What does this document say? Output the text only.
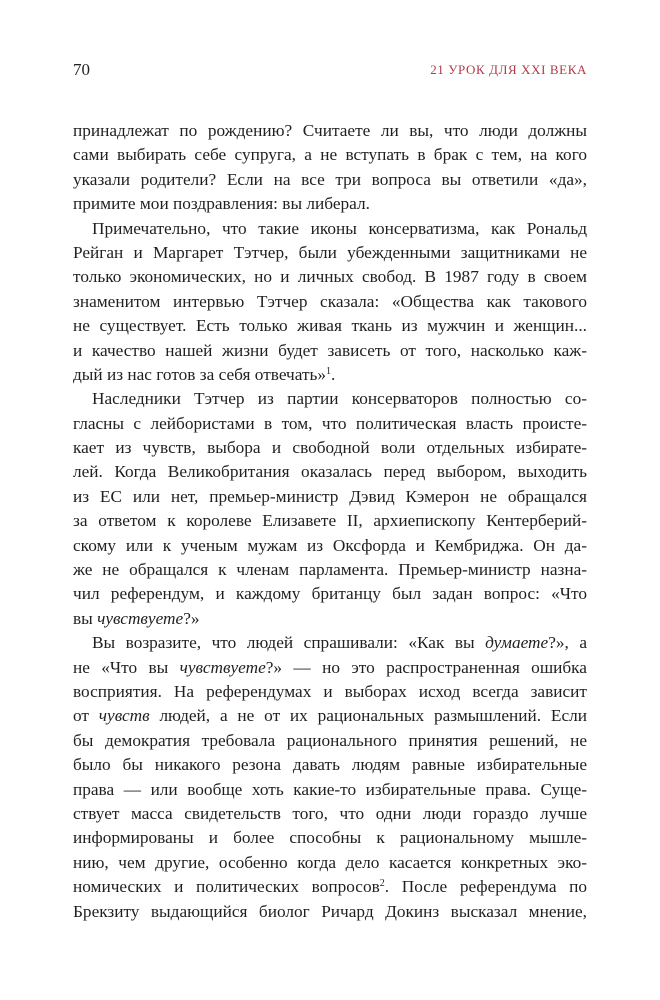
70	21 УРОК ДЛЯ XXI ВЕКА
принадлежат по рождению? Считаете ли вы, что люди должны
сами выбирать себе супруга, а не вступать в брак с тем, на кого
указали родители? Если на все три вопроса вы ответили «да»,
примите мои поздравления: вы либерал.
Примечательно, что такие иконы консерватизма, как Рональд
Рейган и Маргарет Тэтчер, были убежденными защитниками не
только экономических, но и личных свобод. В 1987 году в своем
знаменитом интервью Тэтчер сказала: «Общества как такового
не существует. Есть только живая ткань из мужчин и женщин...
и качество нашей жизни будет зависеть от того, насколько каж-
дый из нас готов за себя отвечать»$^1$.
Наследники Тэтчер из партии консерваторов полностью со-
гласны с лейбористами в том, что политическая власть происте-
кает из чувств, выбора и свободной воли отдельных избирате-
лей. Когда Великобритания оказалась перед выбором, выходить
из ЕС или нет, премьер-министр Дэвид Кэмерон не обращался
за ответом к королеве Елизавете II, архиепископу Кентерберий-
скому или к ученым мужам из Оксфорда и Кембриджа. Он да-
же не обращался к членам парламента. Премьер-министр назна-
чил референдум, и каждому британцу был задан вопрос: «Что
вы чувствуете?»
Вы возразите, что людей спрашивали: «Как вы думаете?», а
не «Что вы чувствуете?» — но это распространенная ошибка
восприятия. На референдумах и выборах исход всегда зависит
от чувств людей, а не от их рациональных размышлений. Если
бы демократия требовала рационального принятия решений, не
было бы никакого резона давать людям равные избирательные
права — или вообще хоть какие-то избирательные права. Суще-
ствует масса свидетельств того, что одни люди гораздо лучше
информированы и более способны к рациональному мышле-
нию, чем другие, особенно когда дело касается конкретных эко-
номических и политических вопросов$^2$. После референдума по
Брекзиту выдающийся биолог Ричард Докинз высказал мнение,
